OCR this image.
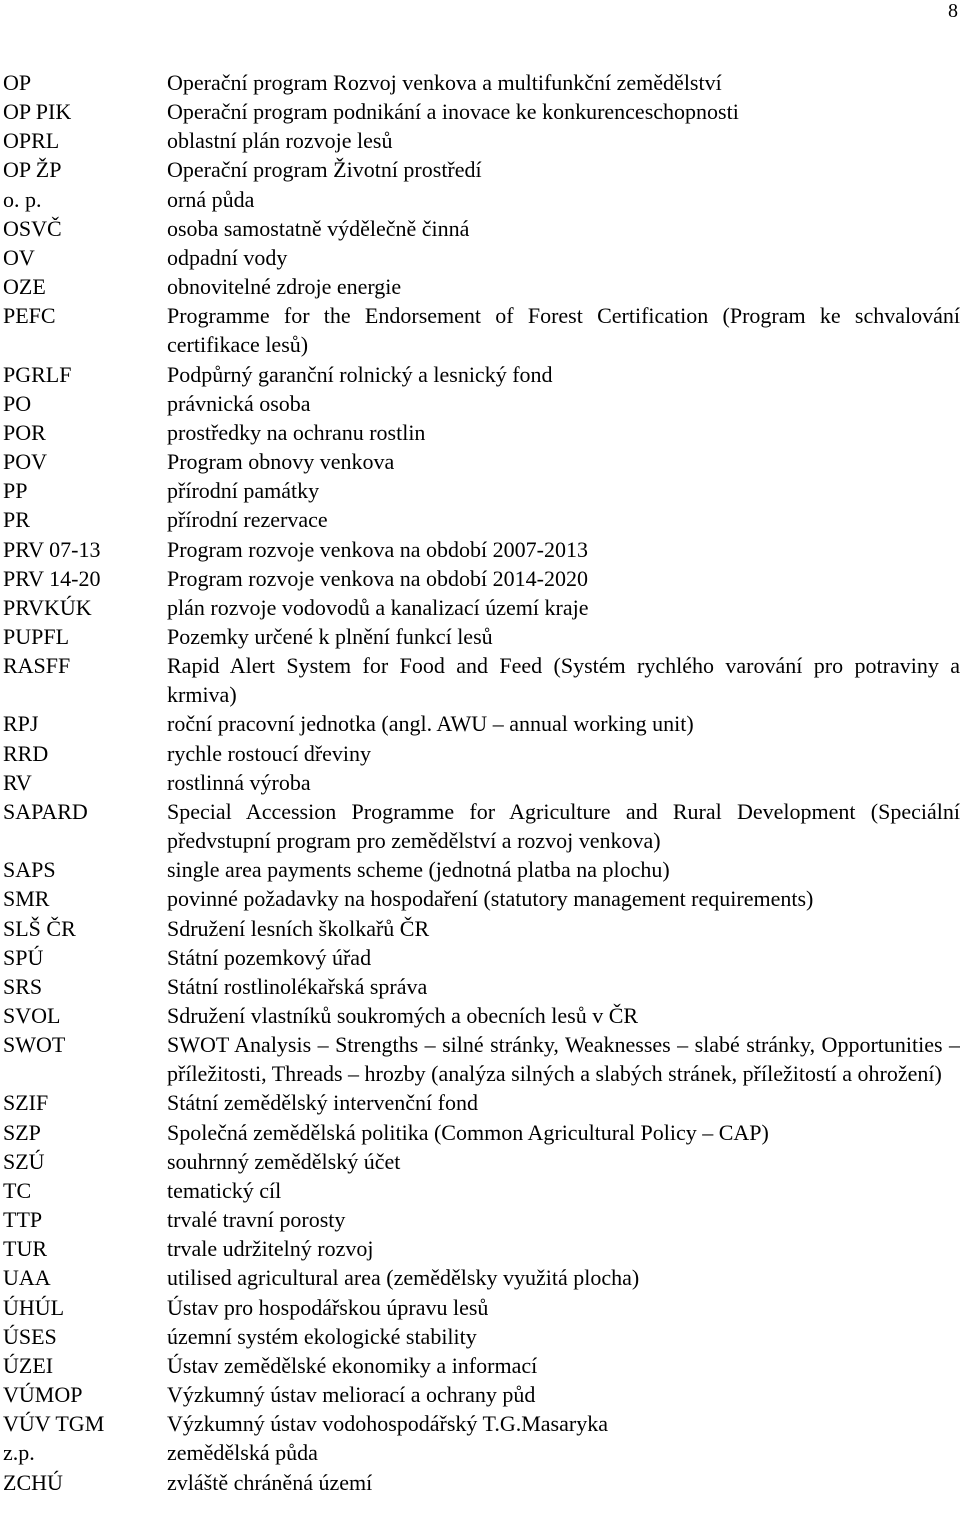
8
OP	Operační program Rozvoj venkova a multifunkční zemědělství
OP PIK	Operační program podnikání a inovace ke konkurenceschopnosti
OPRL	oblastní plán rozvoje lesů
OP ŽP	Operační program Životní prostředí
o. p.	orná půda
OSVČ	osoba samostatně výdělečně činná
OV	odpadní vody
OZE	obnovitelné zdroje energie
PEFC	Programme for the Endorsement of Forest Certification (Program ke schvalování certifikace lesů)
PGRLF	Podpůrný garanční rolnický a lesnický fond
PO	právnická osoba
POR	prostředky na ochranu rostlin
POV	Program obnovy venkova
PP	přírodní památky
PR	přírodní rezervace
PRV 07-13	Program rozvoje venkova na období 2007-2013
PRV 14-20	Program rozvoje venkova na období 2014-2020
PRVKÚK	plán rozvoje vodovodů a kanalizací území kraje
PUPFL	Pozemky určené k plnění funkcí lesů
RASFF	Rapid Alert System for Food and Feed (Systém rychlého varování pro potraviny a krmiva)
RPJ	roční pracovní jednotka (angl. AWU – annual working unit)
RRD	rychle rostoucí dřeviny
RV	rostlinná výroba
SAPARD	Special Accession Programme for Agriculture and Rural Development (Speciální předvstupní program pro zemědělství a rozvoj venkova)
SAPS	single area payments scheme (jednotná platba na plochu)
SMR	povinné požadavky na hospodaření (statutory management requirements)
SLŠ ČR	Sdružení lesních školkařů ČR
SPÚ	Státní pozemkový úřad
SRS	Státní rostlinolékařská správa
SVOL	Sdružení vlastníků soukromých a obecních lesů v ČR
SWOT	SWOT Analysis – Strengths – silné stránky, Weaknesses – slabé stránky, Opportunities – příležitosti, Threads – hrozby (analýza silných a slabých stránek, příležitostí a ohrožení)
SZIF	Státní zemědělský intervenční fond
SZP	Společná zemědělská politika (Common Agricultural Policy – CAP)
SZÚ	souhrnný zemědělský účet
TC	tematický cíl
TTP	trvalé travní porosty
TUR	trvale udržitelný rozvoj
UAA	utilised agricultural area (zemědělsky využitá plocha)
ÚHÚL	Ústav pro hospodářskou úpravu lesů
ÚSES	územní systém ekologické stability
ÚZEI	Ústav zemědělské ekonomiky a informací
VÚMOP	Výzkumný ústav meliorací a ochrany půd
VÚV TGM	Výzkumný ústav vodohospodářský T.G.Masaryka
z.p.	zemědělská půda
ZCHÚ	zvláště chráněná území
